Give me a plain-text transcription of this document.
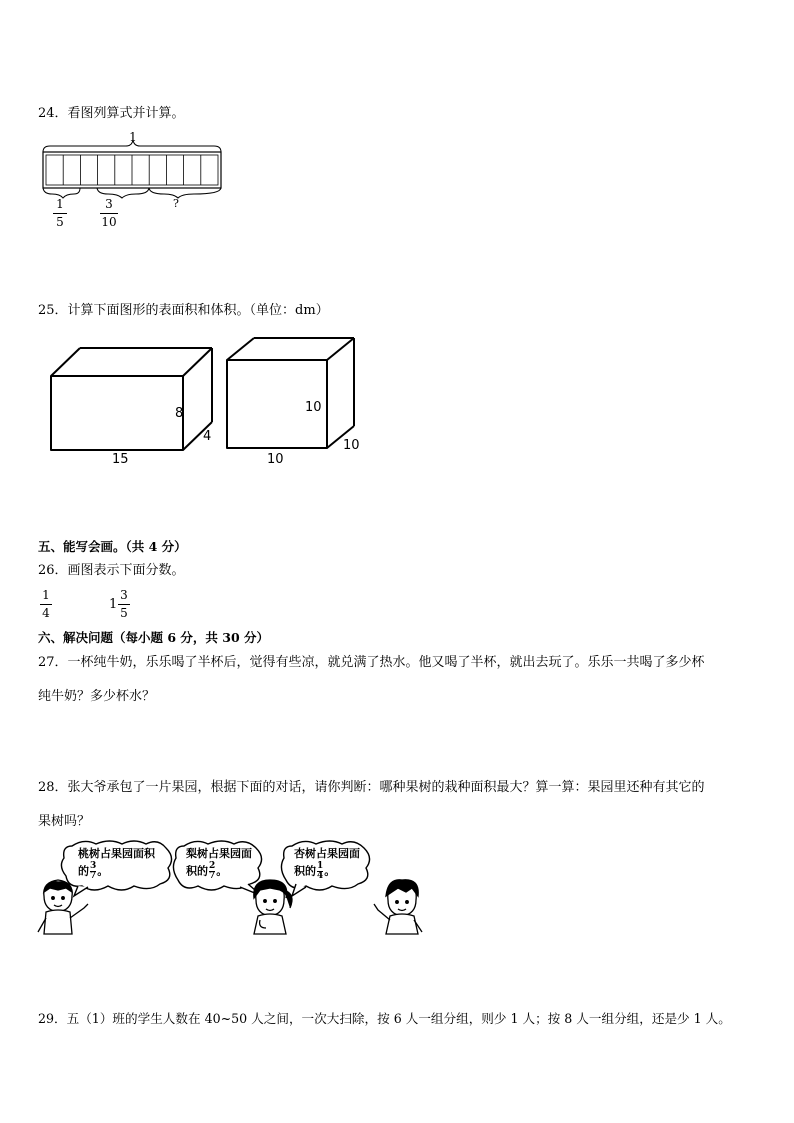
24．看图列算式并计算。
1
?
1
5
3
10
25．计算下面图形的表面积和体积。（单位：dm）
8
4
15
10
10
10
五、能写会画。（共 4 分）
26．画图表示下面分数。
1
4
1
3
5
六、解决问题（每小题 6 分，共 30 分）
27．一杯纯牛奶，乐乐喝了半杯后，觉得有些凉，就兑满了热水。他又喝了半杯，就出去玩了。乐乐一共喝了多少杯
纯牛奶？多少杯水？
28．张大爷承包了一片果园，根据下面的对话，请你判断：哪种果树的栽种面积最大？算一算：果园里还种有其它的
果树吗？
桃树占果园面积
的 $\frac{3}{7}$ 。
梨树占果园面
积的 $\frac{2}{7}$ 。
杏树占果园面
积的 $\frac{1}{4}$ 。
29．五（1）班的学生人数在 40~50 人之间，一次大扫除，按 6 人一组分组，则少 1 人；按 8 人一组分组，还是少 1 人。
